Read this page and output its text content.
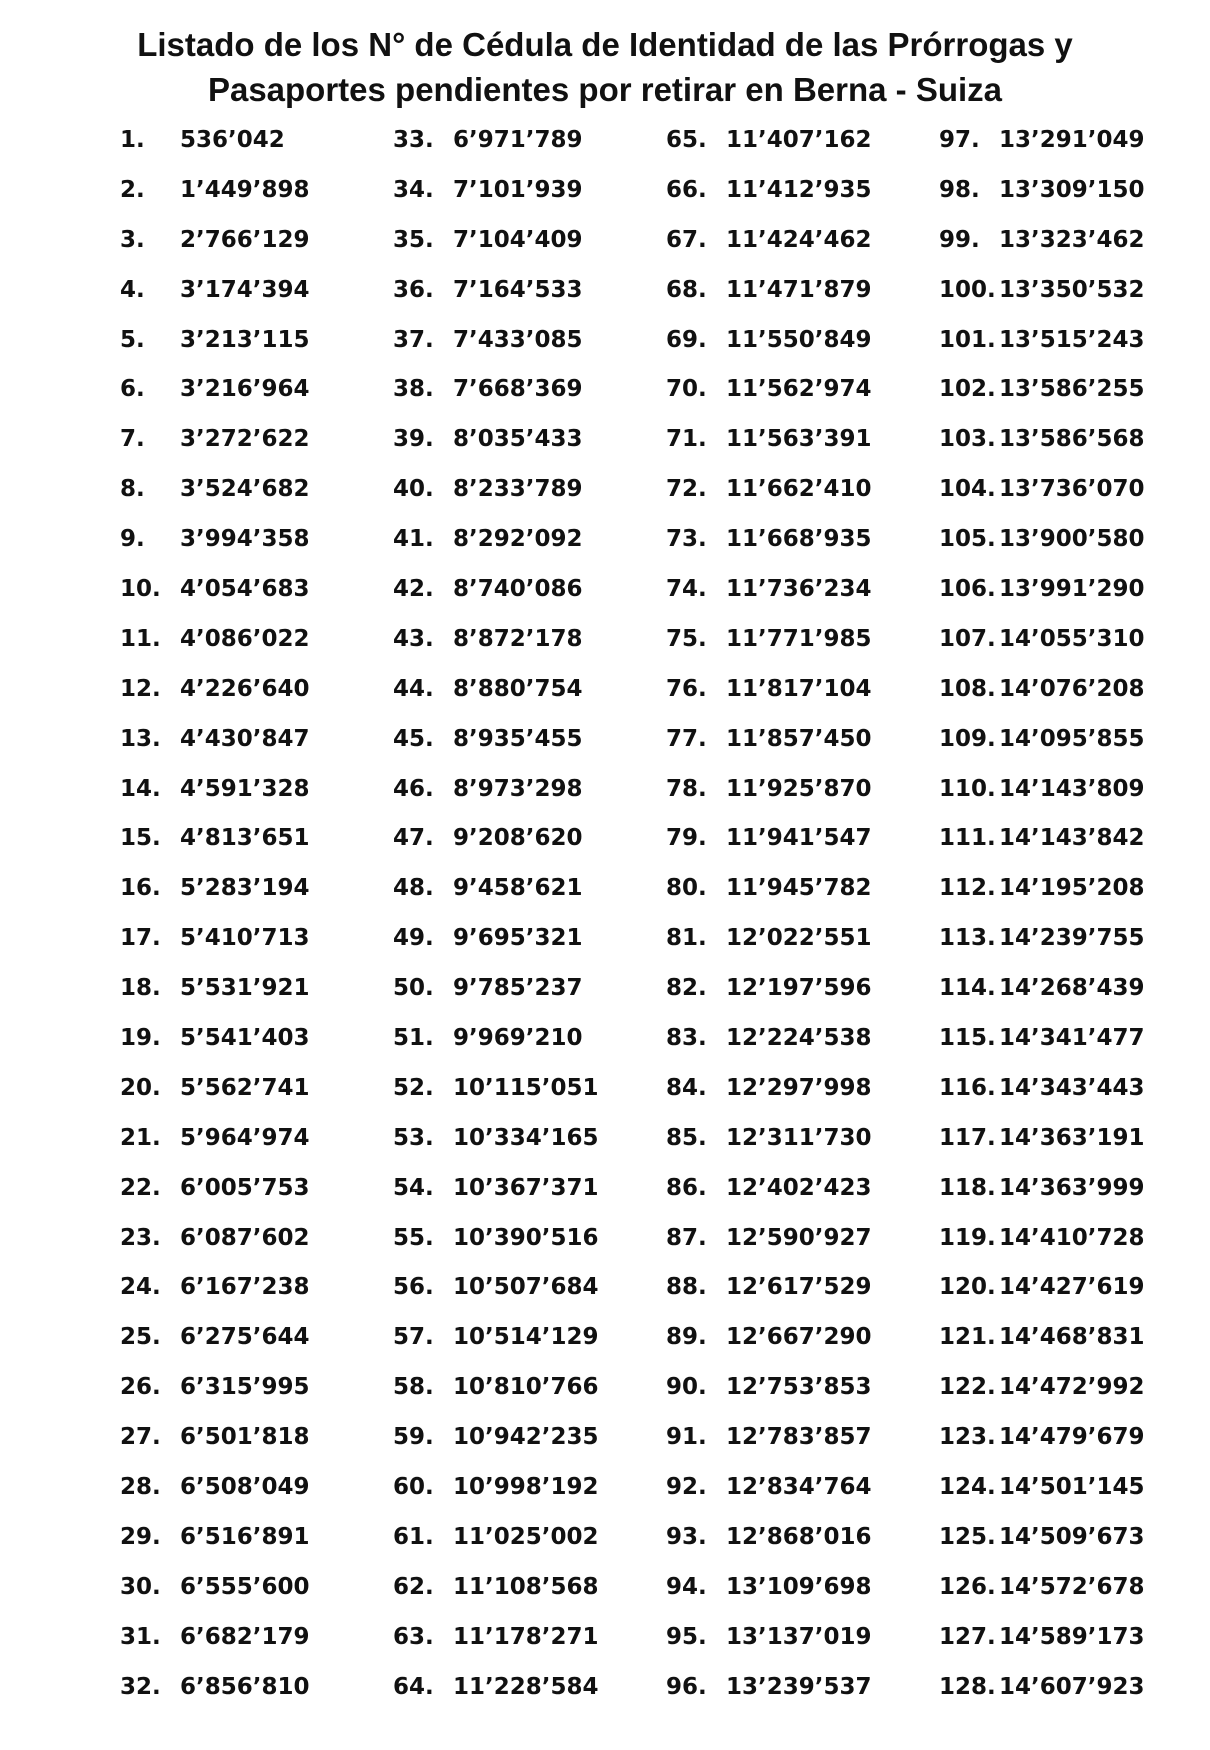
Listado de los N° de Cédula de Identidad de las Prórrogas y
Pasaportes pendientes por retirar en Berna - Suiza
1. 536’042
2. 1’449’898
3. 2’766’129
4. 3’174’394
5. 3’213’115
6. 3’216’964
7. 3’272’622
8. 3’524’682
9. 3’994’358
10. 4’054’683
11. 4’086’022
12. 4’226’640
13. 4’430’847
14. 4’591’328
15. 4’813’651
16. 5’283’194
17. 5’410’713
18. 5’531’921
19. 5’541’403
20. 5’562’741
21. 5’964’974
22. 6’005’753
23. 6’087’602
24. 6’167’238
25. 6’275’644
26. 6’315’995
27. 6’501’818
28. 6’508’049
29. 6’516’891
30. 6’555’600
31. 6’682’179
32. 6’856’810
33. 6’971’789
34. 7’101’939
35. 7’104’409
36. 7’164’533
37. 7’433’085
38. 7’668’369
39. 8’035’433
40. 8’233’789
41. 8’292’092
42. 8’740’086
43. 8’872’178
44. 8’880’754
45. 8’935’455
46. 8’973’298
47. 9’208’620
48. 9’458’621
49. 9’695’321
50. 9’785’237
51. 9’969’210
52. 10’115’051
53. 10’334’165
54. 10’367’371
55. 10’390’516
56. 10’507’684
57. 10’514’129
58. 10’810’766
59. 10’942’235
60. 10’998’192
61. 11’025’002
62. 11’108’568
63. 11’178’271
64. 11’228’584
65. 11’407’162
66. 11’412’935
67. 11’424’462
68. 11’471’879
69. 11’550’849
70. 11’562’974
71. 11’563’391
72. 11’662’410
73. 11’668’935
74. 11’736’234
75. 11’771’985
76. 11’817’104
77. 11’857’450
78. 11’925’870
79. 11’941’547
80. 11’945’782
81. 12’022’551
82. 12’197’596
83. 12’224’538
84. 12’297’998
85. 12’311’730
86. 12’402’423
87. 12’590’927
88. 12’617’529
89. 12’667’290
90. 12’753’853
91. 12’783’857
92. 12’834’764
93. 12’868’016
94. 13’109’698
95. 13’137’019
96. 13’239’537
97. 13’291’049
98. 13’309’150
99. 13’323’462
100. 13’350’532
101. 13’515’243
102. 13’586’255
103. 13’586’568
104. 13’736’070
105. 13’900’580
106. 13’991’290
107. 14’055’310
108. 14’076’208
109. 14’095’855
110. 14’143’809
111. 14’143’842
112. 14’195’208
113. 14’239’755
114. 14’268’439
115. 14’341’477
116. 14’343’443
117. 14’363’191
118. 14’363’999
119. 14’410’728
120. 14’427’619
121. 14’468’831
122. 14’472’992
123. 14’479’679
124. 14’501’145
125. 14’509’673
126. 14’572’678
127. 14’589’173
128. 14’607’923
